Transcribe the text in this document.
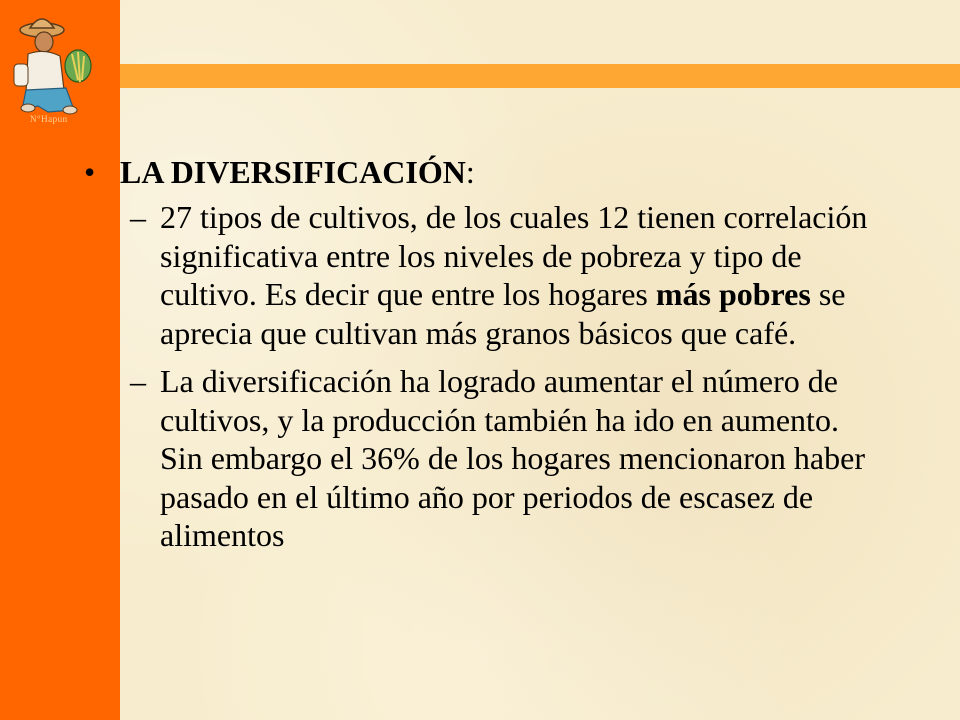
N°Hapun
• LA DIVERSIFICACIÓN:
– 27 tipos de cultivos, de los cuales 12 tienen correlación significativa entre los niveles de pobreza y tipo de cultivo. Es decir que entre los hogares más pobres se aprecia que cultivan más granos básicos que café.
– La diversificación ha logrado aumentar el número de cultivos, y la producción también ha ido en aumento. Sin embargo el 36% de los hogares mencionaron haber pasado en el último año por periodos de escasez de alimentos
